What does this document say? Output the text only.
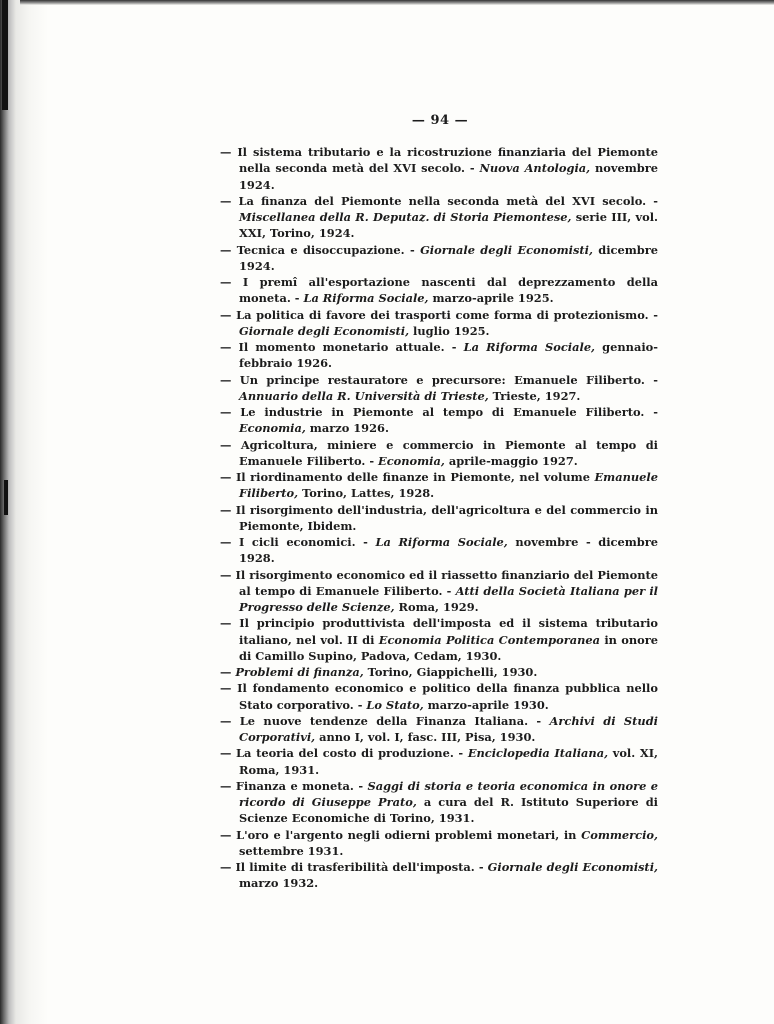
— 94 —
— Il sistema tributario e la ricostruzione finanziaria del Piemonte nella seconda metà del XVI secolo. - Nuova Antologia, novembre 1924.
— La finanza del Piemonte nella seconda metà del XVI secolo. - Miscellanea della R. Deputaz. di Storia Piemontese, serie III, vol. XXI, Torino, 1924.
— Tecnica e disoccupazione. - Giornale degli Economisti, dicembre 1924.
— I premî all'esportazione nascenti dal deprezzamento della moneta. - La Riforma Sociale, marzo-aprile 1925.
— La politica di favore dei trasporti come forma di protezionismo. - Giornale degli Economisti, luglio 1925.
— Il momento monetario attuale. - La Riforma Sociale, gennaio-febbraio 1926.
— Un principe restauratore e precursore: Emanuele Filiberto. - Annuario della R. Università di Trieste, Trieste, 1927.
— Le industrie in Piemonte al tempo di Emanuele Filiberto. - Economia, marzo 1926.
— Agricoltura, miniere e commercio in Piemonte al tempo di Emanuele Filiberto. - Economia, aprile-maggio 1927.
— Il riordinamento delle finanze in Piemonte, nel volume Emanuele Filiberto, Torino, Lattes, 1928.
— Il risorgimento dell'industria, dell'agricoltura e del commercio in Piemonte, Ibidem.
— I cicli economici. - La Riforma Sociale, novembre - dicembre 1928.
— Il risorgimento economico ed il riassetto finanziario del Piemonte al tempo di Emanuele Filiberto. - Atti della Società Italiana per il Progresso delle Scienze, Roma, 1929.
— Il principio produttivista dell'imposta ed il sistema tributario italiano, nel vol. II di Economia Politica Contemporanea in onore di Camillo Supino, Padova, Cedam, 1930.
— Problemi di finanza, Torino, Giappichelli, 1930.
— Il fondamento economico e politico della finanza pubblica nello Stato corporativo. - Lo Stato, marzo-aprile 1930.
— Le nuove tendenze della Finanza Italiana. - Archivi di Studi Corporativi, anno I, vol. I, fasc. III, Pisa, 1930.
— La teoria del costo di produzione. - Enciclopedia Italiana, vol. XI, Roma, 1931.
— Finanza e moneta. - Saggi di storia e teoria economica in onore e ricordo di Giuseppe Prato, a cura del R. Istituto Superiore di Scienze Economiche di Torino, 1931.
— L'oro e l'argento negli odierni problemi monetari, in Commercio, settembre 1931.
— Il limite di trasferibilità dell'imposta. - Giornale degli Economisti, marzo 1932.
